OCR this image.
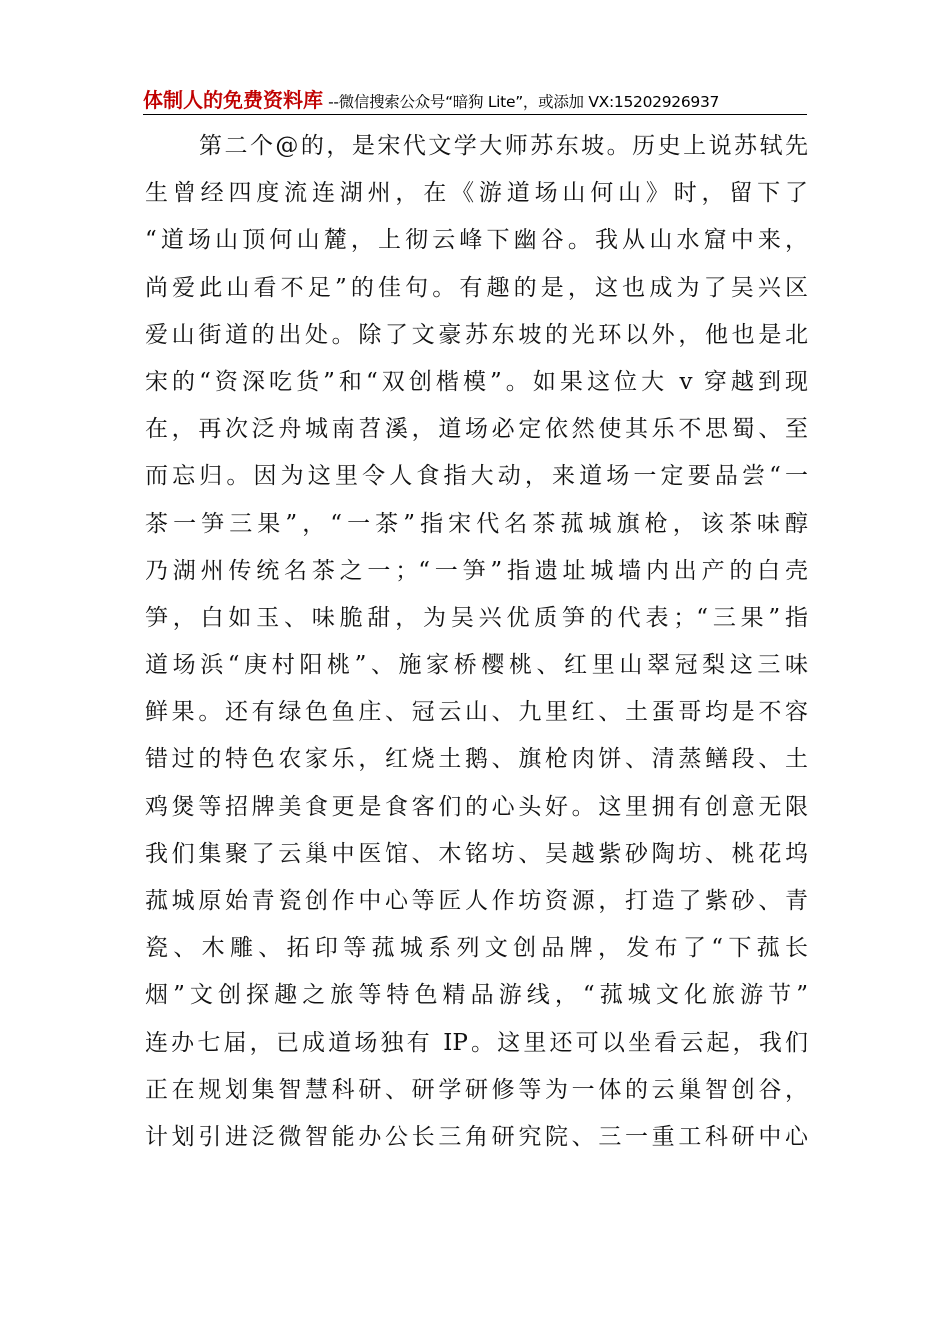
体制人的免费资料库 --微信搜索公众号“暗狗 Lite”，或添加 VX:15202926937
第二个@的，是宋代文学大师苏东坡。历史上说苏轼先
生曾经四度流连湖州，在《游道场山何山》时，留下了
“道场山顶何山麓，上彻云峰下幽谷。我从山水窟中来，
尚爱此山看不足”的佳句。有趣的是，这也成为了吴兴区
爱山街道的出处。除了文豪苏东坡的光环以外，他也是北
宋的“资深吃货”和“双创楷模”。如果这位大 v 穿越到现
在，再次泛舟城南苕溪，道场必定依然使其乐不思蜀、至
而忘归。因为这里令人食指大动，来道场一定要品尝“一
茶一笋三果”，“一茶”指宋代名茶菰城旗枪，该茶味醇
乃湖州传统名茶之一；“一笋”指遗址城墙内出产的白壳
笋，白如玉、味脆甜，为吴兴优质笋的代表；“三果”指
道场浜“庚村阳桃”、施家桥樱桃、红里山翠冠梨这三味
鲜果。还有绿色鱼庄、冠云山、九里红、土蛋哥均是不容
错过的特色农家乐，红烧土鹅、旗枪肉饼、清蒸鳝段、土
鸡煲等招牌美食更是食客们的心头好。这里拥有创意无限
我们集聚了云巢中医馆、木铭坊、吴越紫砂陶坊、桃花坞
菰城原始青瓷创作中心等匠人作坊资源，打造了紫砂、青
瓷、木雕、拓印等菰城系列文创品牌，发布了“下菰长
烟”文创探趣之旅等特色精品游线，“菰城文化旅游节”
连办七届，已成道场独有 IP。这里还可以坐看云起，我们
正在规划集智慧科研、研学研修等为一体的云巢智创谷，
计划引进泛微智能办公长三角研究院、三一重工科研中心
